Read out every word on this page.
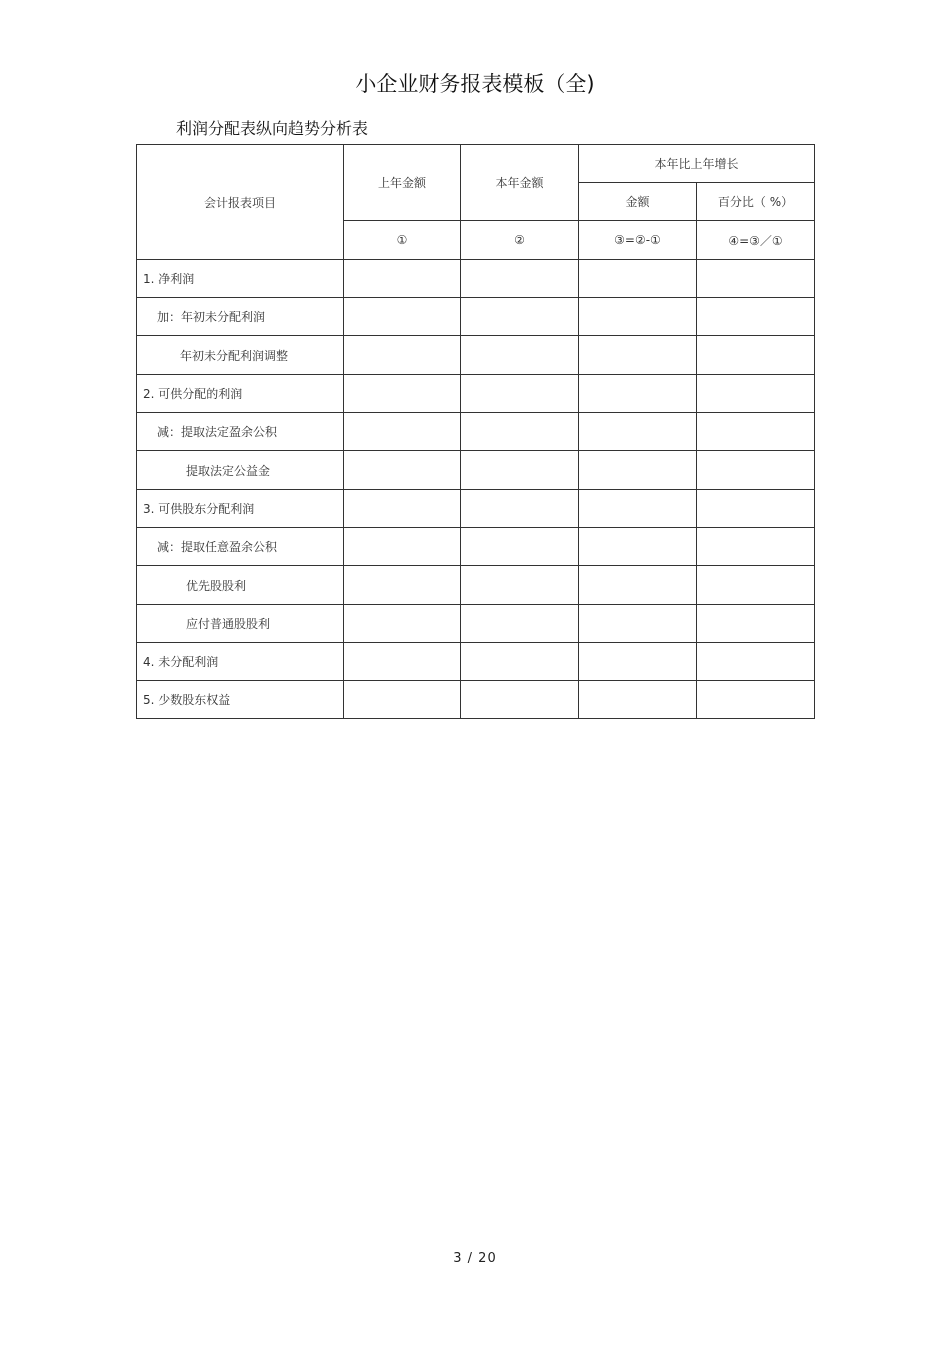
小企业财务报表模板（全)
利润分配表纵向趋势分析表
会计报表项目	上年金额	本年金额	本年比上年增长	
			金额	百分比（ %）
	①	②	③=②-①	④=③／①
1. 净利润				
加：年初未分配利润				
年初未分配利润调整				
2. 可供分配的利润				
减：提取法定盈余公积				
提取法定公益金				
3. 可供股东分配利润				
减：提取任意盈余公积				
优先股股利				
应付普通股股利				
4. 未分配利润				
5. 少数股东权益				
3 / 20
